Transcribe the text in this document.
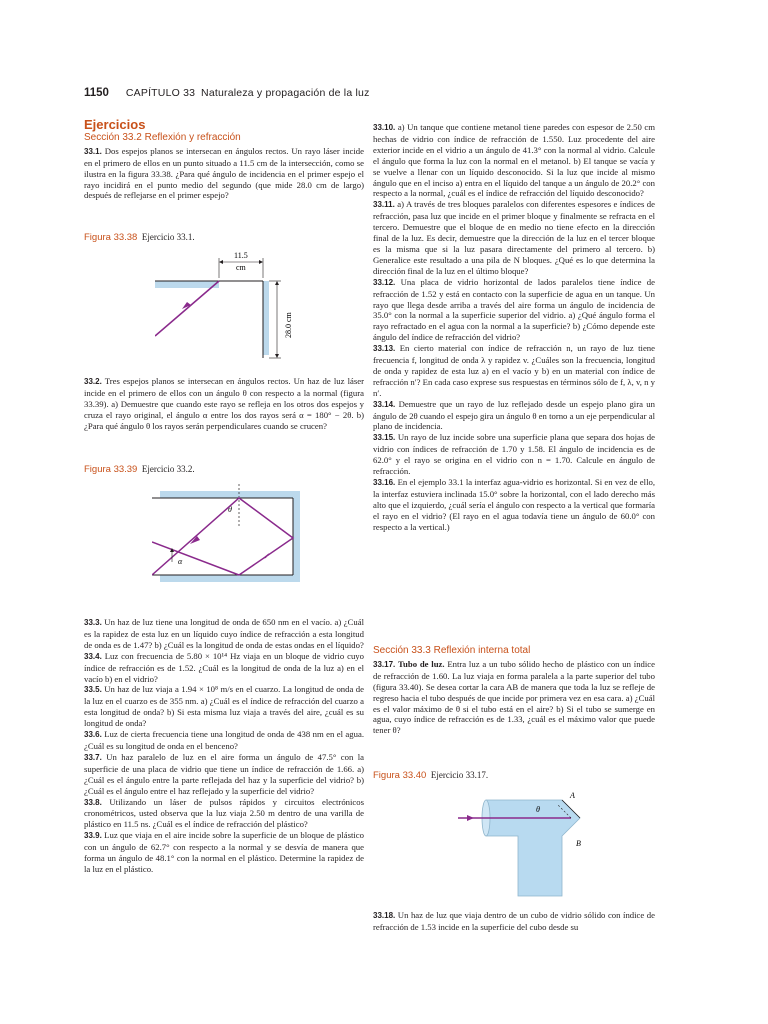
1150 CAPÍTULO 33 Naturaleza y propagación de la luz
Ejercicios
Sección 33.2 Reflexión y refracción

33.1. Dos espejos planos se intersecan en ángulos rectos. Un rayo láser incide en el primero de ellos en un punto situado a 11.5 cm de la intersección, como se ilustra en la figura 33.38. ¿Para qué ángulo de incidencia en el primer espejo el rayo incidirá en el punto medio del segundo (que mide 28.0 cm de largo) después de reflejarse en el primer espejo?

Figura 33.38 Ejercicio 33.1.
11.5
cm
28.0 cm

33.2. Tres espejos planos se intersecan en ángulos rectos. Un haz de luz láser incide en el primero de ellos con un ángulo θ con respecto a la normal (figura 33.39). a) Demuestre que cuando este rayo se refleja en los otros dos espejos y cruza el rayo original, el ángulo α entre los dos rayos será α = 180° − 2θ. b) ¿Para qué ángulo θ los rayos serán perpendiculares cuando se crucen?

Figura 33.39 Ejercicio 33.2.
θ
α

33.3. Un haz de luz tiene una longitud de onda de 650 nm en el vacío. a) ¿Cuál es la rapidez de esta luz en un líquido cuyo índice de refracción a esta longitud de onda es de 1.47? b) ¿Cuál es la longitud de onda de estas ondas en el líquido?

33.4. Luz con frecuencia de 5.80 × 10¹⁴ Hz viaja en un bloque de vidrio cuyo índice de refracción es de 1.52. ¿Cuál es la longitud de onda de la luz a) en el vacío b) en el vidrio?

33.5. Un haz de luz viaja a 1.94 × 10⁸ m/s en el cuarzo. La longitud de onda de la luz en el cuarzo es de 355 nm. a) ¿Cuál es el índice de refracción del cuarzo a esta longitud de onda? b) Si esta misma luz viaja a través del aire, ¿cuál es su longitud de onda?

33.6. Luz de cierta frecuencia tiene una longitud de onda de 438 nm en el agua. ¿Cuál es su longitud de onda en el benceno?

33.7. Un haz paralelo de luz en el aire forma un ángulo de 47.5° con la superficie de una placa de vidrio que tiene un índice de refracción de 1.66. a) ¿Cuál es el ángulo entre la parte reflejada del haz y la superficie del vidrio? b) ¿Cuál es el ángulo entre el haz reflejado y la superficie del vidrio?

33.8. Utilizando un láser de pulsos rápidos y circuitos electrónicos cronométricos, usted observa que la luz viaja 2.50 m dentro de una varilla de plástico en 11.5 ns. ¿Cuál es el índice de refracción del plástico?

33.9. Luz que viaja en el aire incide sobre la superficie de un bloque de plástico con un ángulo de 62.7° con respecto a la normal y se desvía de manera que forma un ángulo de 48.1° con la normal en el plástico. Determine la rapidez de la luz en el plástico.

33.10. a) Un tanque que contiene metanol tiene paredes con espesor de 2.50 cm hechas de vidrio con índice de refracción de 1.550. Luz procedente del aire exterior incide en el vidrio a un ángulo de 41.3° con la normal al vidrio. Calcule el ángulo que forma la luz con la normal en el metanol. b) El tanque se vacía y se vuelve a llenar con un líquido desconocido. Si la luz que incide al mismo ángulo que en el inciso a) entra en el líquido del tanque a un ángulo de 20.2° con respecto a la normal, ¿cuál es el índice de refracción del líquido desconocido?

33.11. a) A través de tres bloques paralelos con diferentes espesores e índices de refracción, pasa luz que incide en el primer bloque y finalmente se refracta en el tercero. Demuestre que el bloque de en medio no tiene efecto en la dirección final de la luz. Es decir, demuestre que la dirección de la luz en el tercer bloque es la misma que si la luz pasara directamente del primero al tercero. b) Generalice este resultado a una pila de N bloques. ¿Qué es lo que determina la dirección final de la luz en el último bloque?

33.12. Una placa de vidrio horizontal de lados paralelos tiene índice de refracción de 1.52 y está en contacto con la superficie de agua en un tanque. Un rayo que llega desde arriba a través del aire forma un ángulo de incidencia de 35.0° con la normal a la superficie superior del vidrio. a) ¿Qué ángulo forma el rayo refractado en el agua con la normal a la superficie? b) ¿Cómo depende este ángulo del índice de refracción del vidrio?

33.13. En cierto material con índice de refracción n, un rayo de luz tiene frecuencia f, longitud de onda λ y rapidez v. ¿Cuáles son la frecuencia, longitud de onda y rapidez de esta luz a) en el vacío y b) en un material con índice de refracción n′? En cada caso exprese sus respuestas en términos sólo de f, λ, v, n y n′.

33.14. Demuestre que un rayo de luz reflejado desde un espejo plano gira un ángulo de 2θ cuando el espejo gira un ángulo θ en torno a un eje perpendicular al plano de incidencia.

33.15. Un rayo de luz incide sobre una superficie plana que separa dos hojas de vidrio con índices de refracción de 1.70 y 1.58. El ángulo de incidencia es de 62.0° y el rayo se origina en el vidrio con n = 1.70. Calcule en ángulo de refracción.

33.16. En el ejemplo 33.1 la interfaz agua-vidrio es horizontal. Si en vez de ello, la interfaz estuviera inclinada 15.0° sobre la horizontal, con el lado derecho más alto que el izquierdo, ¿cuál sería el ángulo con respecto a la vertical que formaría el rayo en el vidrio? (El rayo en el agua todavía tiene un ángulo de 60.0° con respecto a la vertical.)

Sección 33.3 Reflexión interna total

33.17. Tubo de luz. Entra luz a un tubo sólido hecho de plástico con un índice de refracción de 1.60. La luz viaja en forma paralela a la parte superior del tubo (figura 33.40). Se desea cortar la cara AB de manera que toda la luz se refleje de regreso hacia el tubo después de que incide por primera vez en esa cara. a) ¿Cuál es el valor máximo de θ si el tubo está en el aire? b) Si el tubo se sumerge en agua, cuyo índice de refracción es de 1.33, ¿cuál es el máximo valor que puede tener θ?

Figura 33.40 Ejercicio 33.17.
θ
A
B

33.18. Un haz de luz que viaja dentro de un cubo de vidrio sólido con índice de refracción de 1.53 incide en la superficie del cubo desde su
